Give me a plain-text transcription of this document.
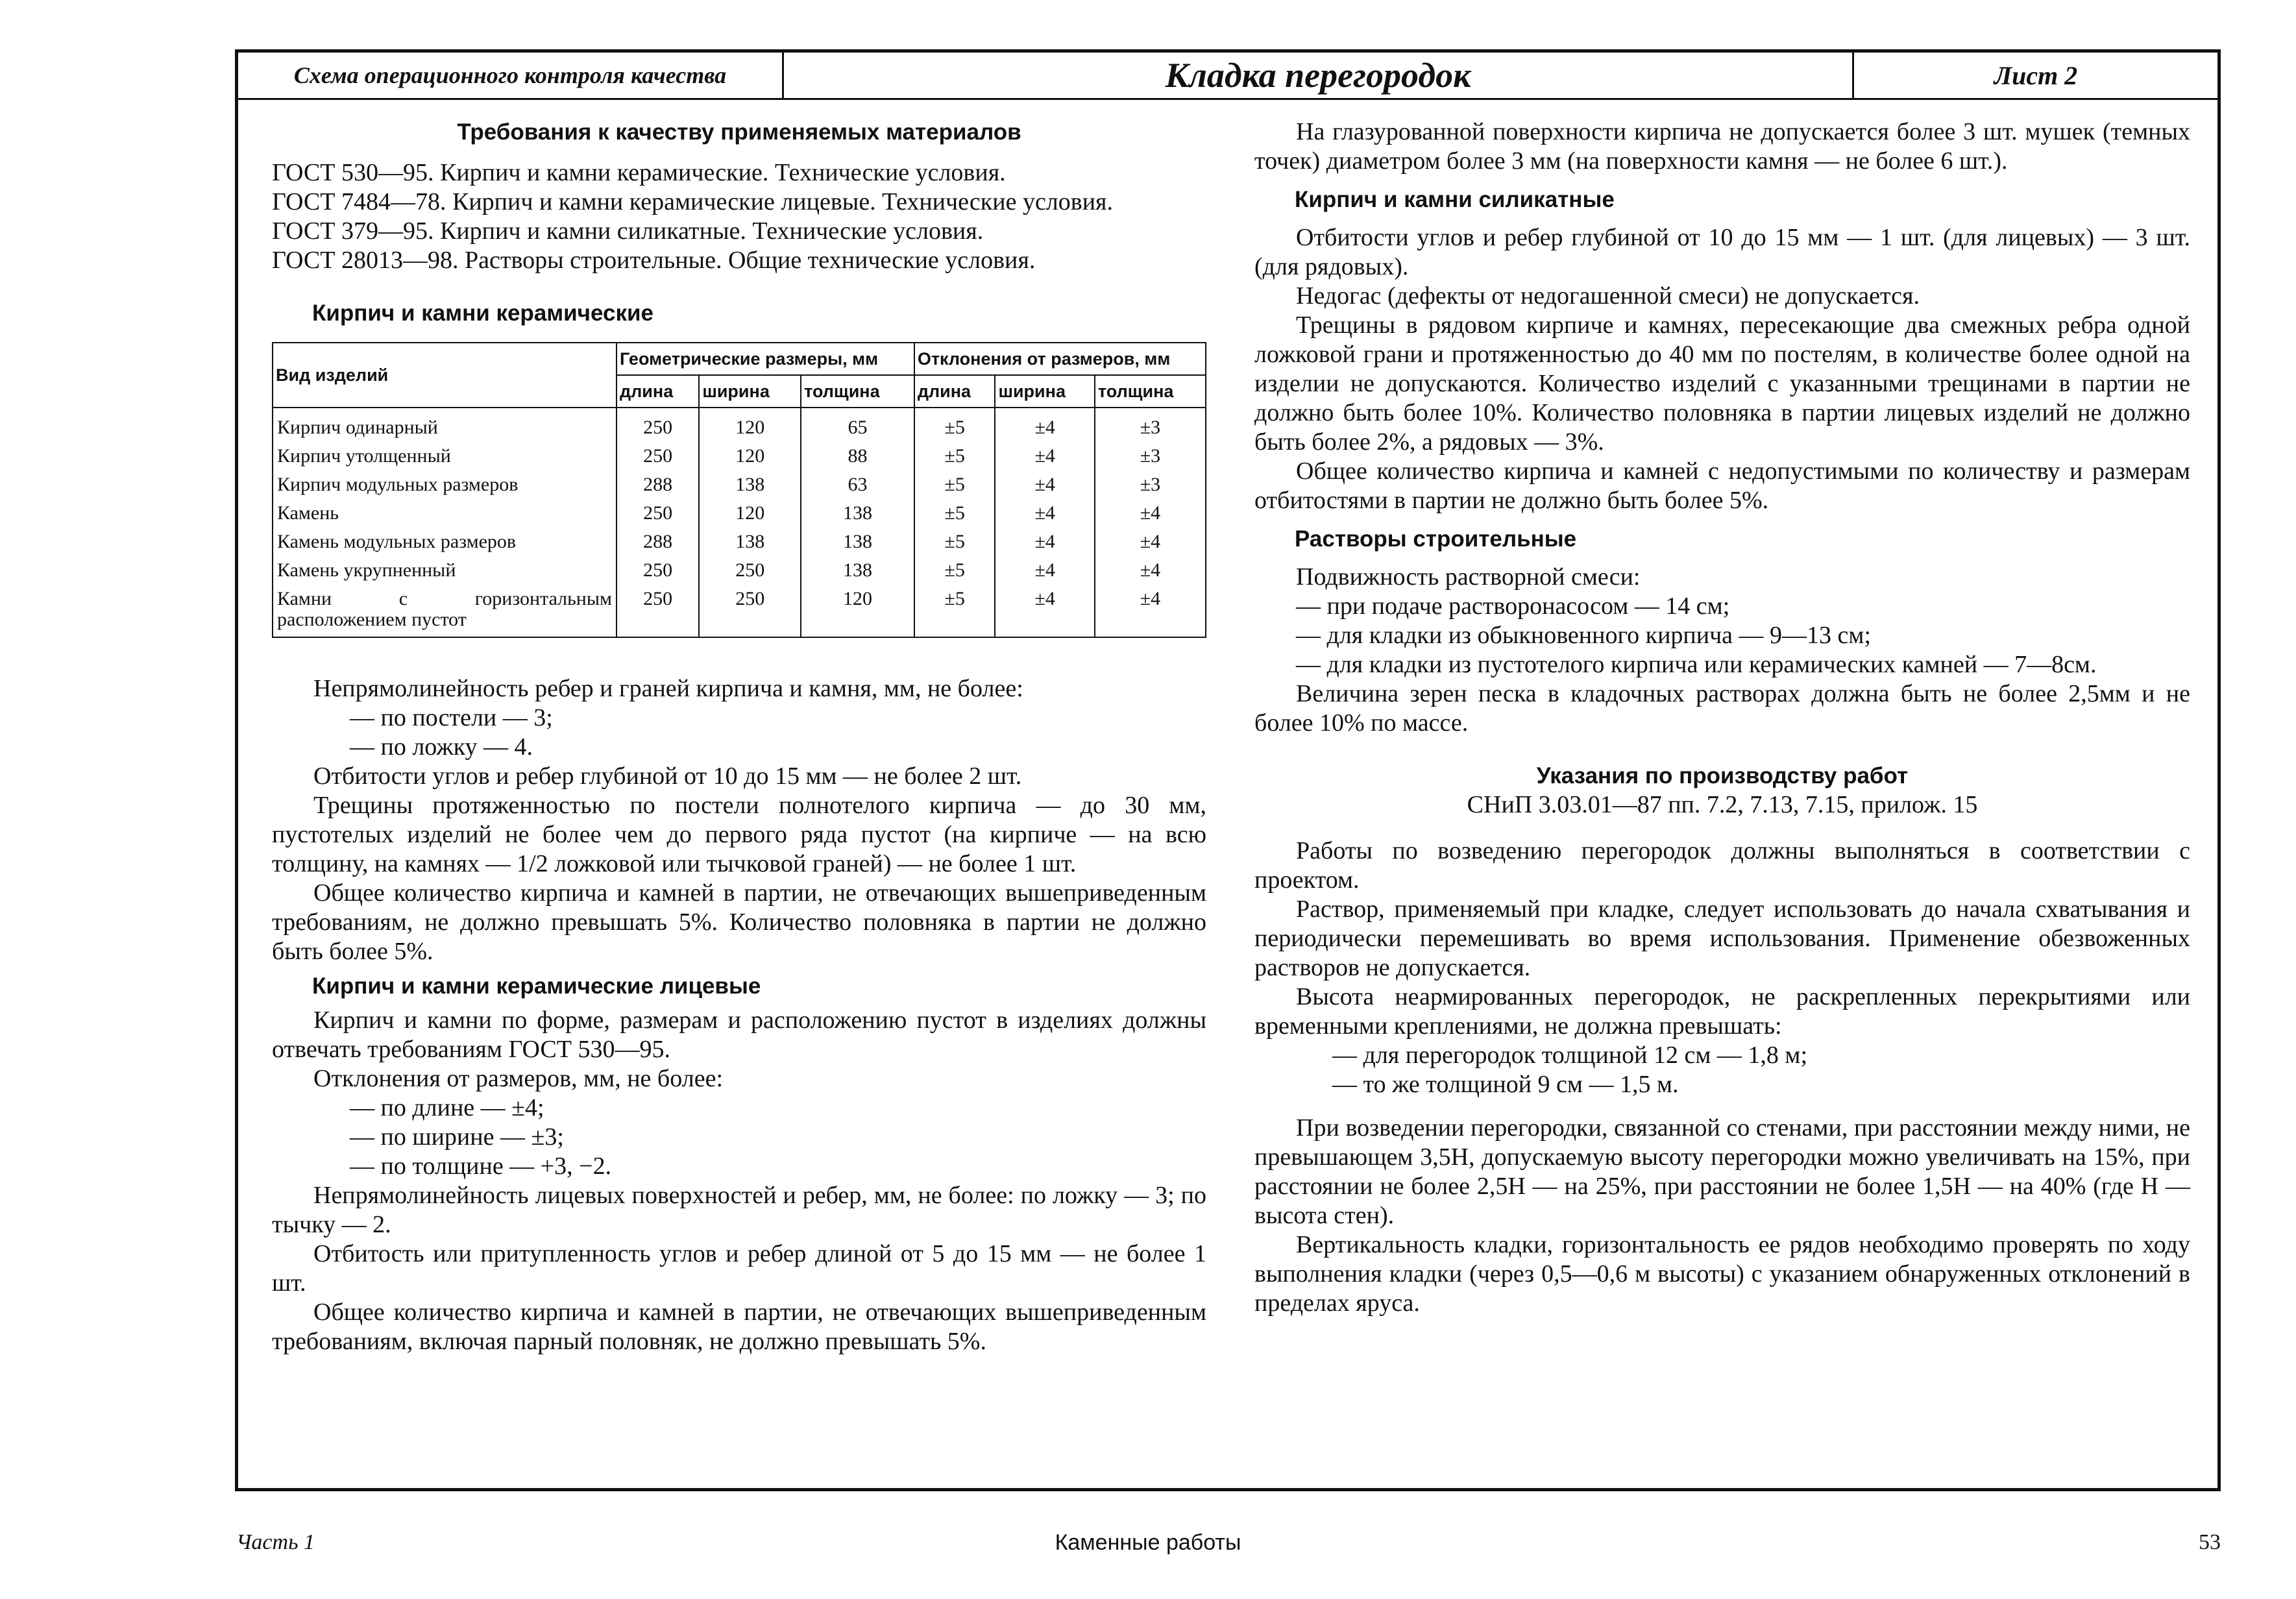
Схема операционного контроля качества	Кладка перегородок	Лист 2
Требования к качеству применяемых материалов

ГОСТ 530—95. Кирпич и камни керамические. Технические условия.

ГОСТ 7484—78. Кирпич и камни керамические лицевые. Технические условия.

ГОСТ 379—95. Кирпич и камни силикатные. Технические условия.

ГОСТ 28013—98. Растворы строительные. Общие технические условия.

Кирпич и камни керамические
Вид изделий	Геометрические размеры, мм			Отклонения от размеров, мм		
	длина	ширина	толщина	длина	ширина	толщина
Кирпич одинарный	250	120	65	±5	±4	±3
Кирпич утолщенный	250	120	88	±5	±4	±3
Кирпич модульных размеров	288	138	63	±5	±4	±3
Камень	250	120	138	±5	±4	±4
Камень модульных размеров	288	138	138	±5	±4	±4
Камень укрупненный	250	250	138	±5	±4	±4
Камни с горизонтальным расположением пустот	250	250	120	±5	±4	±4

Непрямолинейность ребер и граней кирпича и камня, мм, не более:

— по постели — 3;

— по ложку — 4.

Отбитости углов и ребер глубиной от 10 до 15 мм — не более 2 шт.

Трещины протяженностью по постели полнотелого кирпича — до 30 мм, пустотелых изделий не более чем до первого ряда пустот (на кирпиче — на всю толщину, на камнях — 1/2 ложковой или тычковой граней) — не более 1 шт.

Общее количество кирпича и камней в партии, не отвечающих вышеприведенным требованиям, не должно превышать 5%. Количество половняка в партии не должно быть более 5%.

Кирпич и камни керамические лицевые

Кирпич и камни по форме, размерам и расположению пустот в изделиях должны отвечать требованиям ГОСТ 530—95.

Отклонения от размеров, мм, не более:

— по длине — ±4;

— по ширине — ±3;

— по толщине — +3, −2.

Непрямолинейность лицевых поверхностей и ребер, мм, не более: по ложку — 3; по тычку — 2.

Отбитость или притупленность углов и ребер длиной от 5 до 15 мм — не более 1 шт.

Общее количество кирпича и камней в партии, не отвечающих вышеприведенным требованиям, включая парный половняк, не должно превышать 5%.

На глазурованной поверхности кирпича не допускается более 3 шт. мушек (темных точек) диаметром более 3 мм (на поверхности камня — не более 6 шт.).

Кирпич и камни силикатные

Отбитости углов и ребер глубиной от 10 до 15 мм — 1 шт. (для лицевых) — 3 шт. (для рядовых).

Недогас (дефекты от недогашенной смеси) не допускается.

Трещины в рядовом кирпиче и камнях, пересекающие два смежных ребра одной ложковой грани и протяженностью до 40 мм по постелям, в количестве более одной на изделии не допускаются. Количество изделий с указанными трещинами в партии не должно быть более 10%. Количество половняка в партии лицевых изделий не должно быть более 2%, а рядовых — 3%.

Общее количество кирпича и камней с недопустимыми по количеству и размерам отбитостями в партии не должно быть более 5%.

Растворы строительные

Подвижность растворной смеси:

— при подаче растворонасосом — 14 см;

— для кладки из обыкновенного кирпича — 9—13 см;

— для кладки из пустотелого кирпича или керамических камней — 7—8см.

Величина зерен песка в кладочных растворах должна быть не более 2,5мм и не более 10% по массе.

Указания по производству работ

СНиП 3.03.01—87 пп. 7.2, 7.13, 7.15, прилож. 15

Работы по возведению перегородок должны выполняться в соответствии с проектом.

Раствор, применяемый при кладке, следует использовать до начала схватывания и периодически перемешивать во время использования. Применение обезвоженных растворов не допускается.

Высота неармированных перегородок, не раскрепленных перекрытиями или временными креплениями, не должна превышать:

— для перегородок толщиной 12 см — 1,8 м;

— то же толщиной 9 см — 1,5 м.

При возведении перегородки, связанной со стенами, при расстоянии между ними, не превышающем 3,5H, допускаемую высоту перегородки можно увеличивать на 15%, при расстоянии не более 2,5H — на 25%, при расстоянии не более 1,5H — на 40% (где H — высота стен).

Вертикальность кладки, горизонтальность ее рядов необходимо проверять по ходу выполнения кладки (через 0,5—0,6 м высоты) с указанием обнаруженных отклонений в пределах яруса.

Часть 1	Каменные работы	53
